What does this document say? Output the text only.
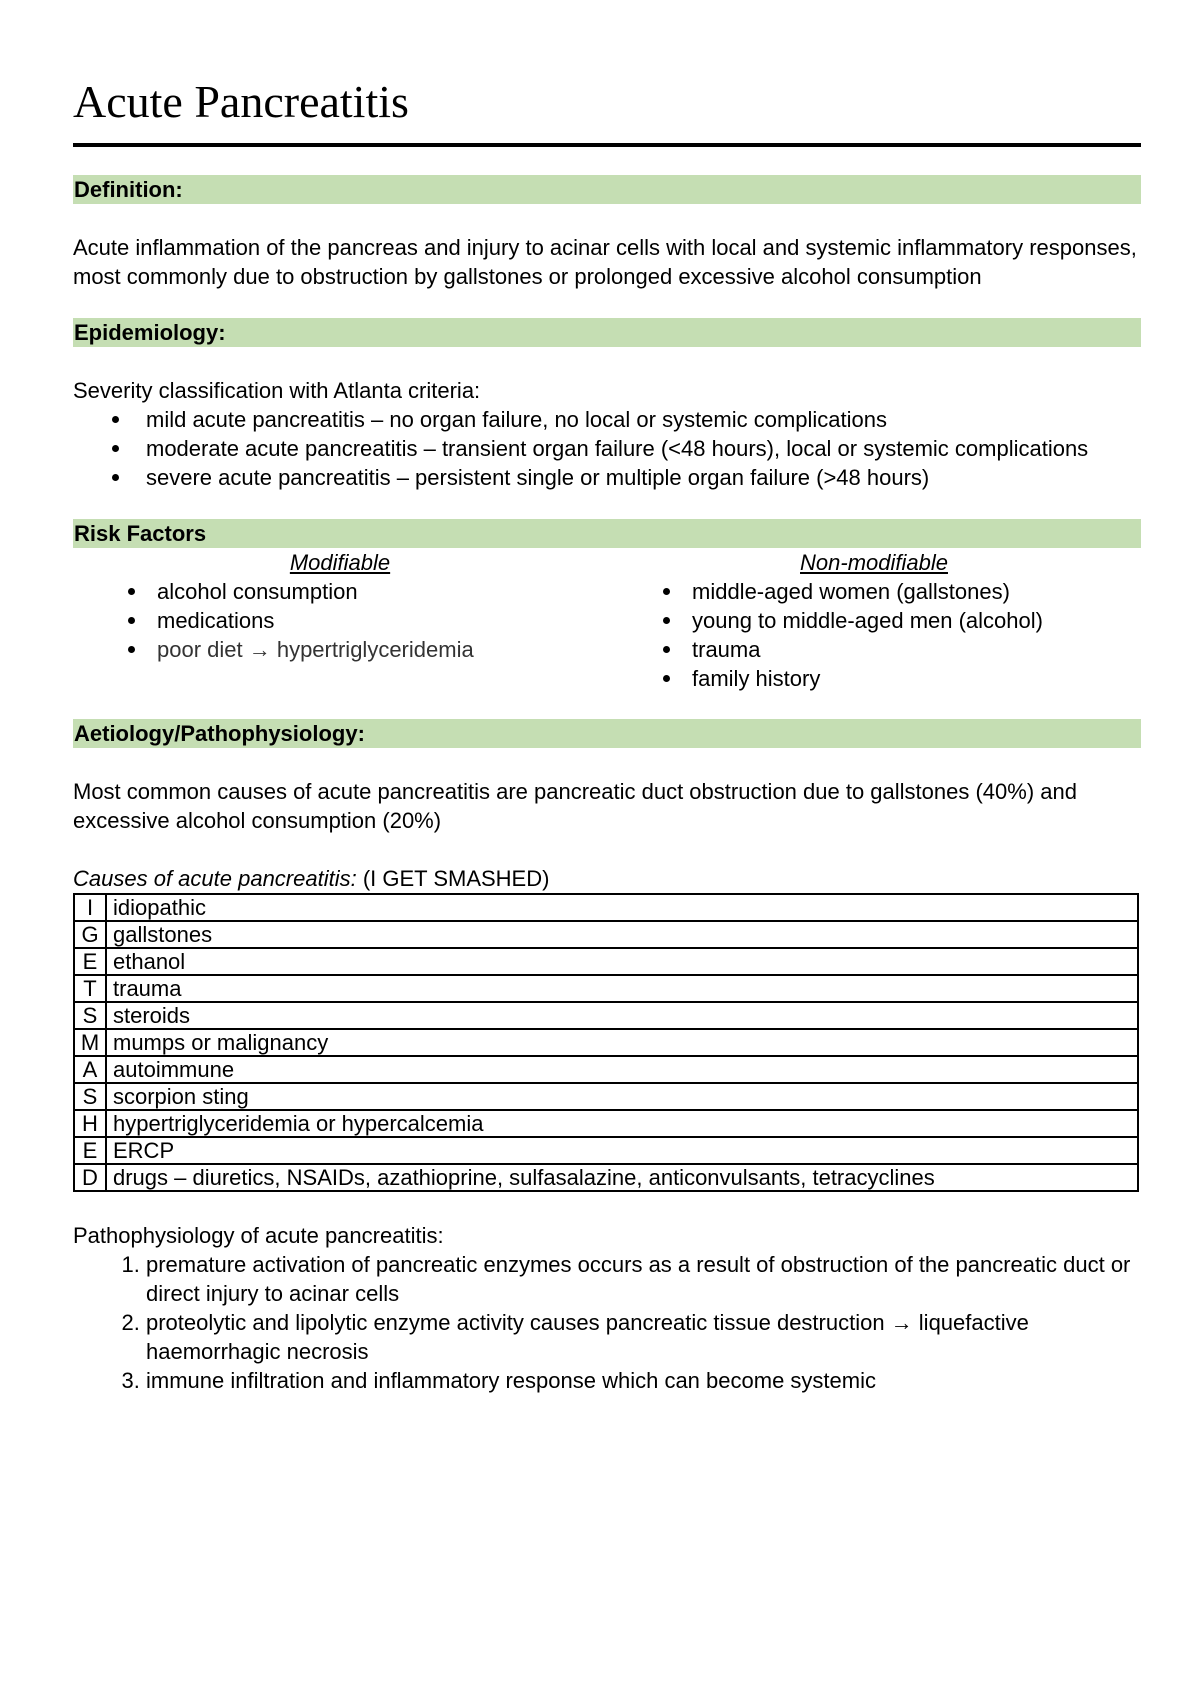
Acute Pancreatitis
Definition:

Acute inflammation of the pancreas and injury to acinar cells with local and systemic inflammatory responses, most commonly due to obstruction by gallstones or prolonged excessive alcohol consumption

Epidemiology:

Severity classification with Atlanta criteria:

mild acute pancreatitis – no organ failure, no local or systemic complications
moderate acute pancreatitis – transient organ failure (<48 hours), local or systemic complications
severe acute pancreatitis – persistent single or multiple organ failure (>48 hours)
Risk Factors
Modifiable
alcohol consumption
medications
poor diet → hypertriglyceridemia
Non-modifiable
middle-aged women (gallstones)
young to middle-aged men (alcohol)
trauma
family history
Aetiology/Pathophysiology:

Most common causes of acute pancreatitis are pancreatic duct obstruction due to gallstones (40%) and excessive alcohol consumption (20%)

Causes of acute pancreatitis: (I GET SMASHED)

I	idiopathic
G	gallstones
E	ethanol
T	trauma
S	steroids
M	mumps or malignancy
A	autoimmune
S	scorpion sting
H	hypertriglyceridemia or hypercalcemia
E	ERCP
D	drugs – diuretics, NSAIDs, azathioprine, sulfasalazine, anticonvulsants, tetracyclines

Pathophysiology of acute pancreatitis:

1. premature activation of pancreatic enzymes occurs as a result of obstruction of the pancreatic duct or direct injury to acinar cells
2. proteolytic and lipolytic enzyme activity causes pancreatic tissue destruction → liquefactive haemorrhagic necrosis
3. immune infiltration and inflammatory response which can become systemic
